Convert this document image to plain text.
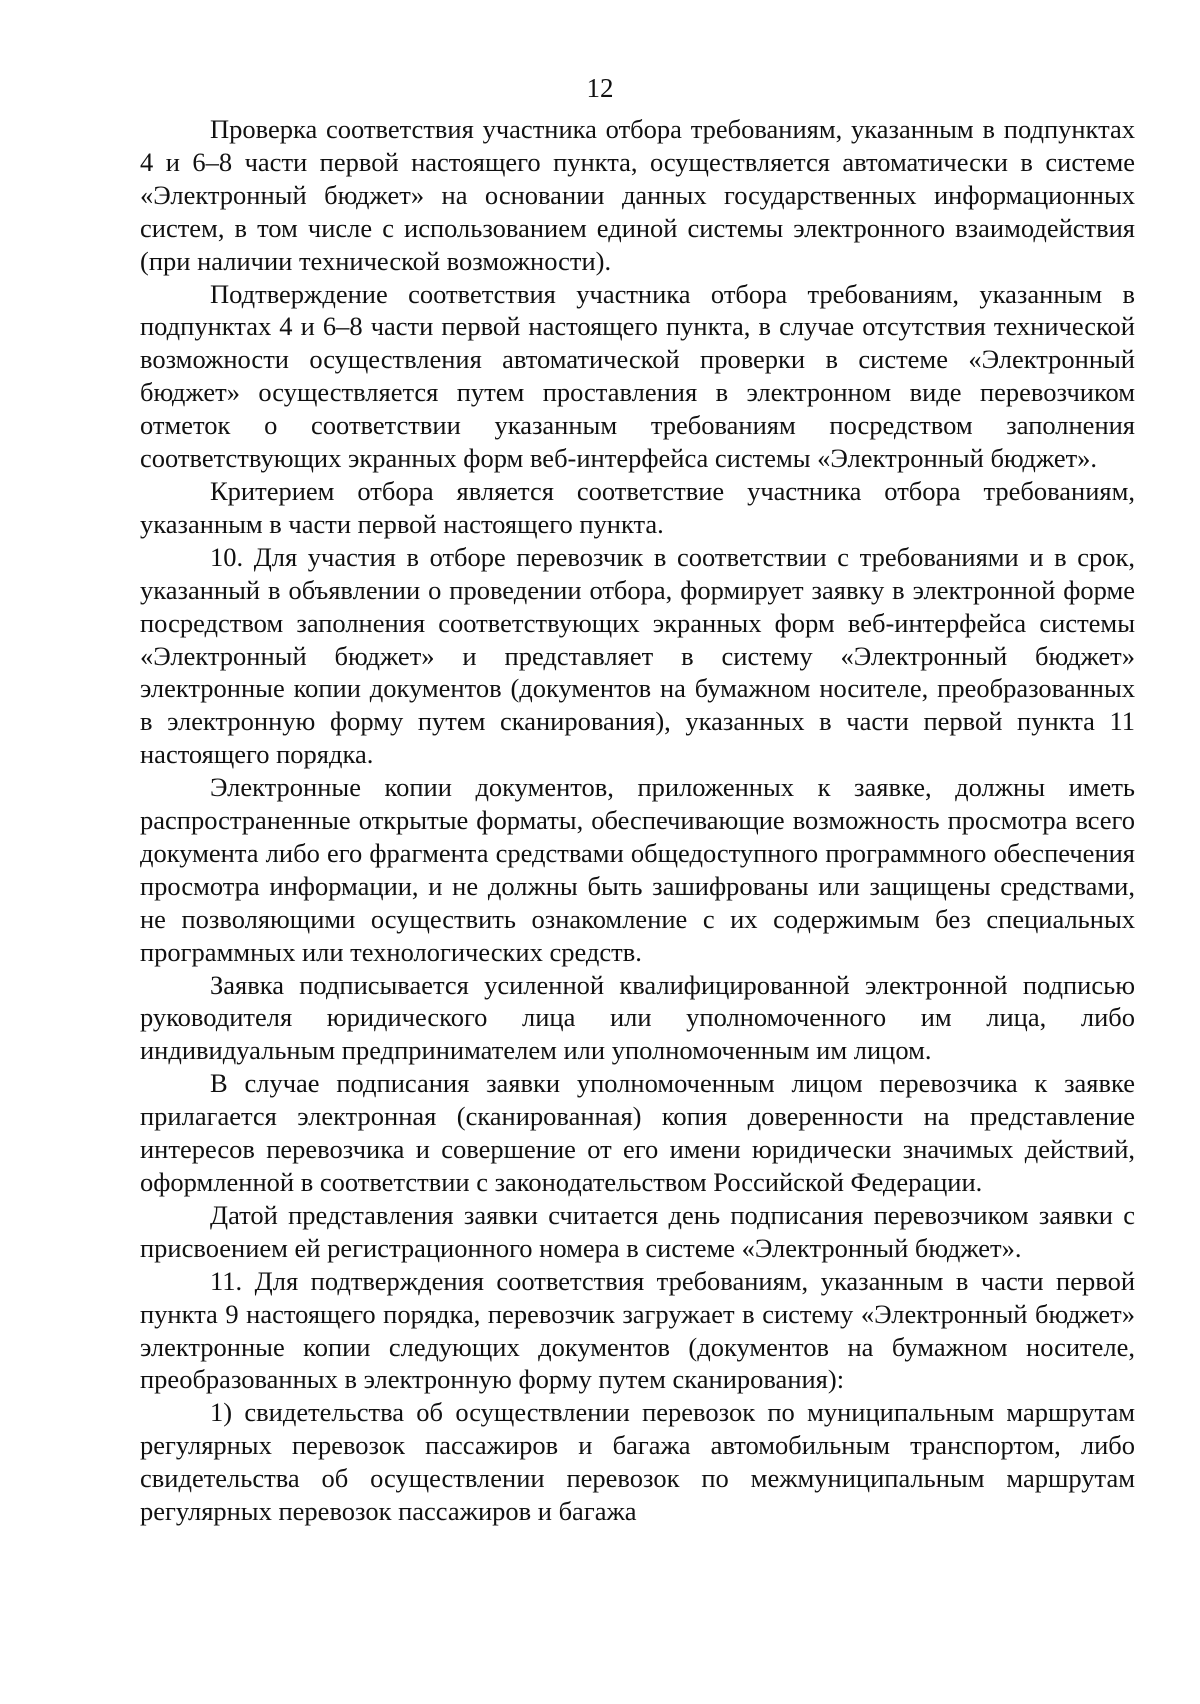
12

Проверка соответствия участника отбора требованиям, указанным в подпунктах 4 и 6–8 части первой настоящего пункта, осуществляется автоматически в системе «Электронный бюджет» на основании данных государственных информационных систем, в том числе с использованием единой системы электронного взаимодействия (при наличии технической возможности).

Подтверждение соответствия участника отбора требованиям, указанным в подпунктах 4 и 6–8 части первой настоящего пункта, в случае отсутствия технической возможности осуществления автоматической проверки в системе «Электронный бюджет» осуществляется путем проставления в электронном виде перевозчиком отметок о соответствии указанным требованиям посредством заполнения соответствующих экранных форм веб-интерфейса системы «Электронный бюджет».

Критерием отбора является соответствие участника отбора требованиям, указанным в части первой настоящего пункта.

10. Для участия в отборе перевозчик в соответствии с требованиями и в срок, указанный в объявлении о проведении отбора, формирует заявку в электронной форме посредством заполнения соответствующих экранных форм веб-интерфейса системы «Электронный бюджет» и представляет в систему «Электронный бюджет» электронные копии документов (документов на бумажном носителе, преобразованных в электронную форму путем сканирования), указанных в части первой пункта 11 настоящего порядка.

Электронные копии документов, приложенных к заявке, должны иметь распространенные открытые форматы, обеспечивающие возможность просмотра всего документа либо его фрагмента средствами общедоступного программного обеспечения просмотра информации, и не должны быть зашифрованы или защищены средствами, не позволяющими осуществить ознакомление с их содержимым без специальных программных или технологических средств.

Заявка подписывается усиленной квалифицированной электронной подписью руководителя юридического лица или уполномоченного им лица, либо индивидуальным предпринимателем или уполномоченным им лицом.

В случае подписания заявки уполномоченным лицом перевозчика к заявке прилагается электронная (сканированная) копия доверенности на представление интересов перевозчика и совершение от его имени юридически значимых действий, оформленной в соответствии с законодательством Российской Федерации.

Датой представления заявки считается день подписания перевозчиком заявки с присвоением ей регистрационного номера в системе «Электронный бюджет».

11. Для подтверждения соответствия требованиям, указанным в части первой пункта 9 настоящего порядка, перевозчик загружает в систему «Электронный бюджет» электронные копии следующих документов (документов на бумажном носителе, преобразованных в электронную форму путем сканирования):

1) свидетельства об осуществлении перевозок по муниципальным маршрутам регулярных перевозок пассажиров и багажа автомобильным транспортом, либо свидетельства об осуществлении перевозок по межмуниципальным маршрутам регулярных перевозок пассажиров и багажа
